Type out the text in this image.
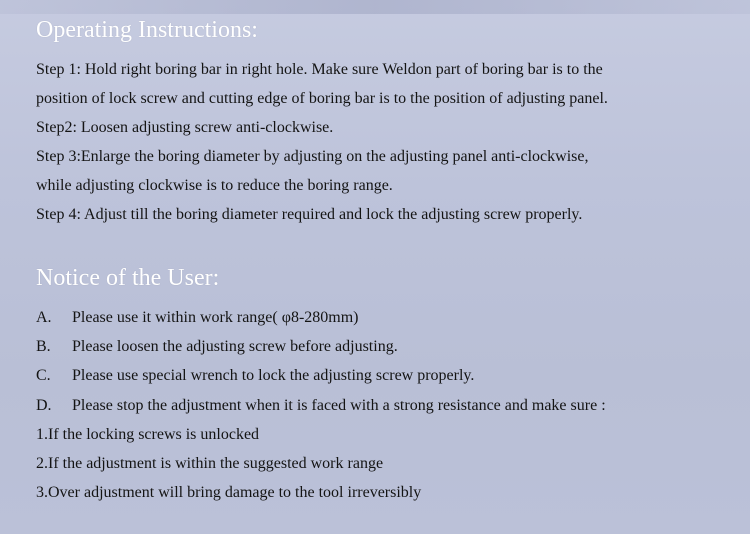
Operating Instructions:
Step 1: Hold right boring bar in right hole. Make sure Weldon part of boring bar is to the
position of lock screw and cutting edge of boring bar is to the position of adjusting panel.
Step2: Loosen adjusting screw anti-clockwise.
Step 3:Enlarge the boring diameter by adjusting on the adjusting panel anti-clockwise,
while adjusting clockwise is to reduce the boring range.
Step 4: Adjust till the boring diameter required and lock the adjusting screw properly.
Notice of the User:
A. Please use it within work range( φ8-280mm)
B. Please loosen the adjusting screw before adjusting.
C. Please use special wrench to lock the adjusting screw properly.
D. Please stop the adjustment when it is faced with a strong resistance and make sure :
1.If the locking screws is unlocked
2.If the adjustment is within the suggested work range
3.Over adjustment will bring damage to the tool irreversibly
